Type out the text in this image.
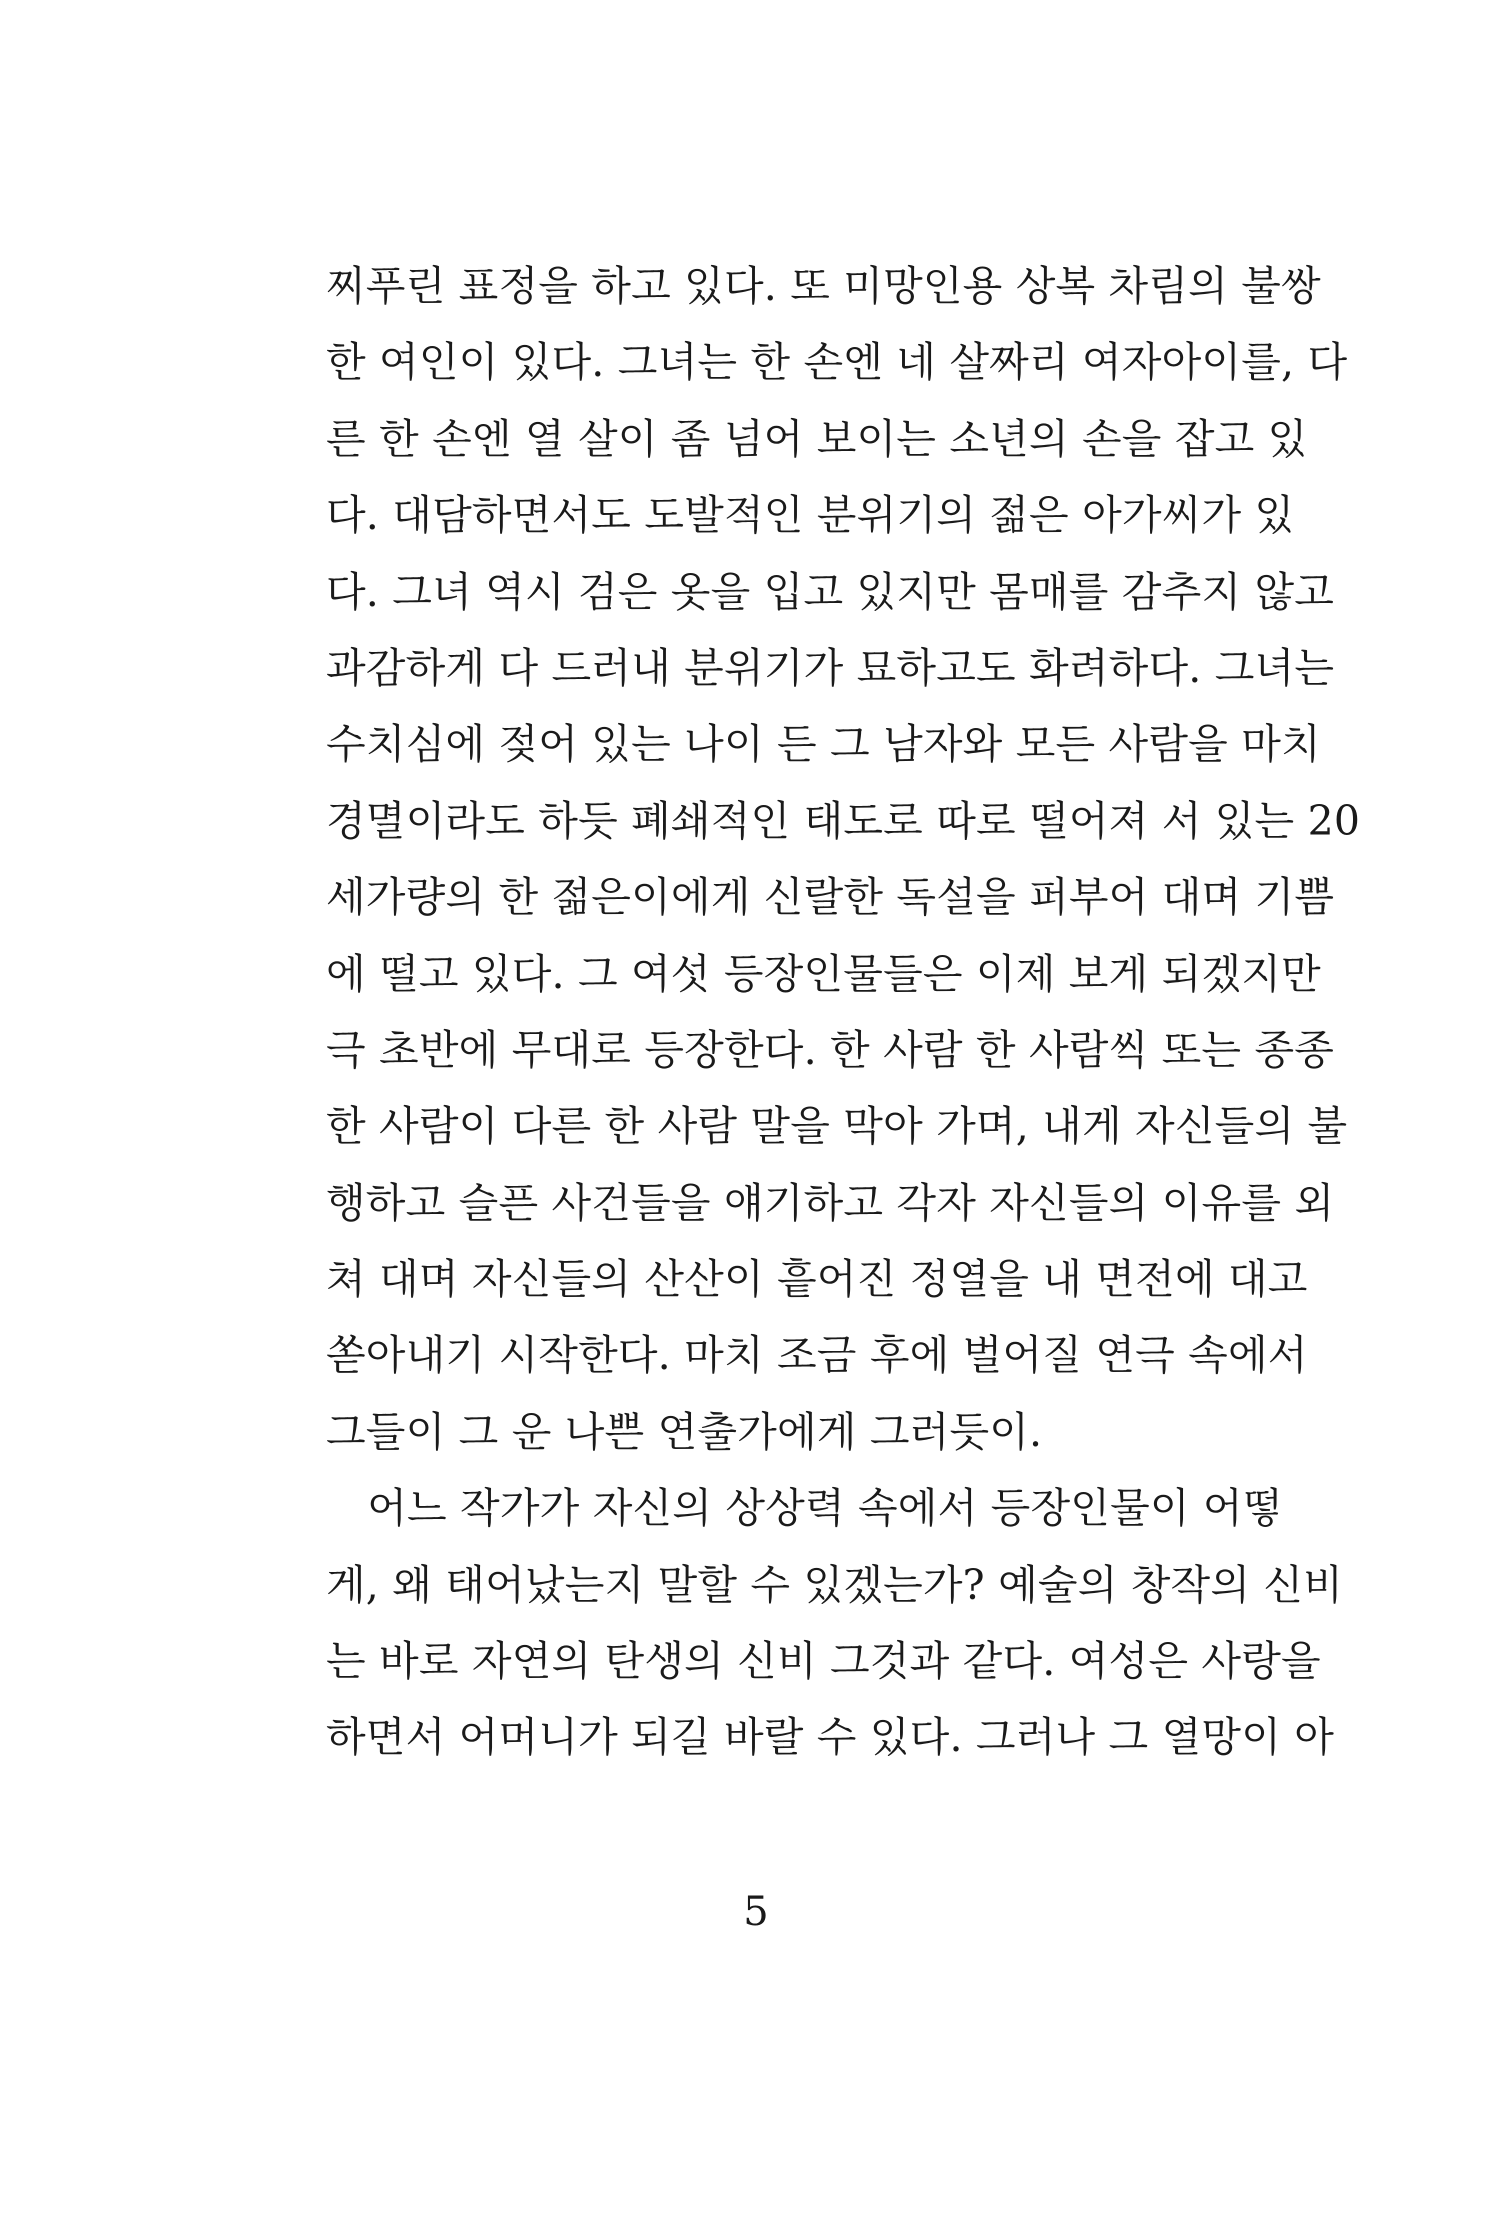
찌푸린 표정을 하고 있다. 또 미망인용 상복 차림의 불쌍
한 여인이 있다. 그녀는 한 손엔 네 살짜리 여자아이를, 다
른 한 손엔 열 살이 좀 넘어 보이는 소년의 손을 잡고 있
다. 대담하면서도 도발적인 분위기의 젊은 아가씨가 있
다. 그녀 역시 검은 옷을 입고 있지만 몸매를 감추지 않고
과감하게 다 드러내 분위기가 묘하고도 화려하다. 그녀는
수치심에 젖어 있는 나이 든 그 남자와 모든 사람을 마치
경멸이라도 하듯 폐쇄적인 태도로 따로 떨어져 서 있는 20
세가량의 한 젊은이에게 신랄한 독설을 퍼부어 대며 기쁨
에 떨고 있다. 그 여섯 등장인물들은 이제 보게 되겠지만
극 초반에 무대로 등장한다. 한 사람 한 사람씩 또는 종종
한 사람이 다른 한 사람 말을 막아 가며, 내게 자신들의 불
행하고 슬픈 사건들을 얘기하고 각자 자신들의 이유를 외
쳐 대며 자신들의 산산이 흩어진 정열을 내 면전에 대고
쏟아내기 시작한다. 마치 조금 후에 벌어질 연극 속에서
그들이 그 운 나쁜 연출가에게 그러듯이.
　어느 작가가 자신의 상상력 속에서 등장인물이 어떻
게, 왜 태어났는지 말할 수 있겠는가? 예술의 창작의 신비
는 바로 자연의 탄생의 신비 그것과 같다. 여성은 사랑을
하면서 어머니가 되길 바랄 수 있다. 그러나 그 열망이 아
5
